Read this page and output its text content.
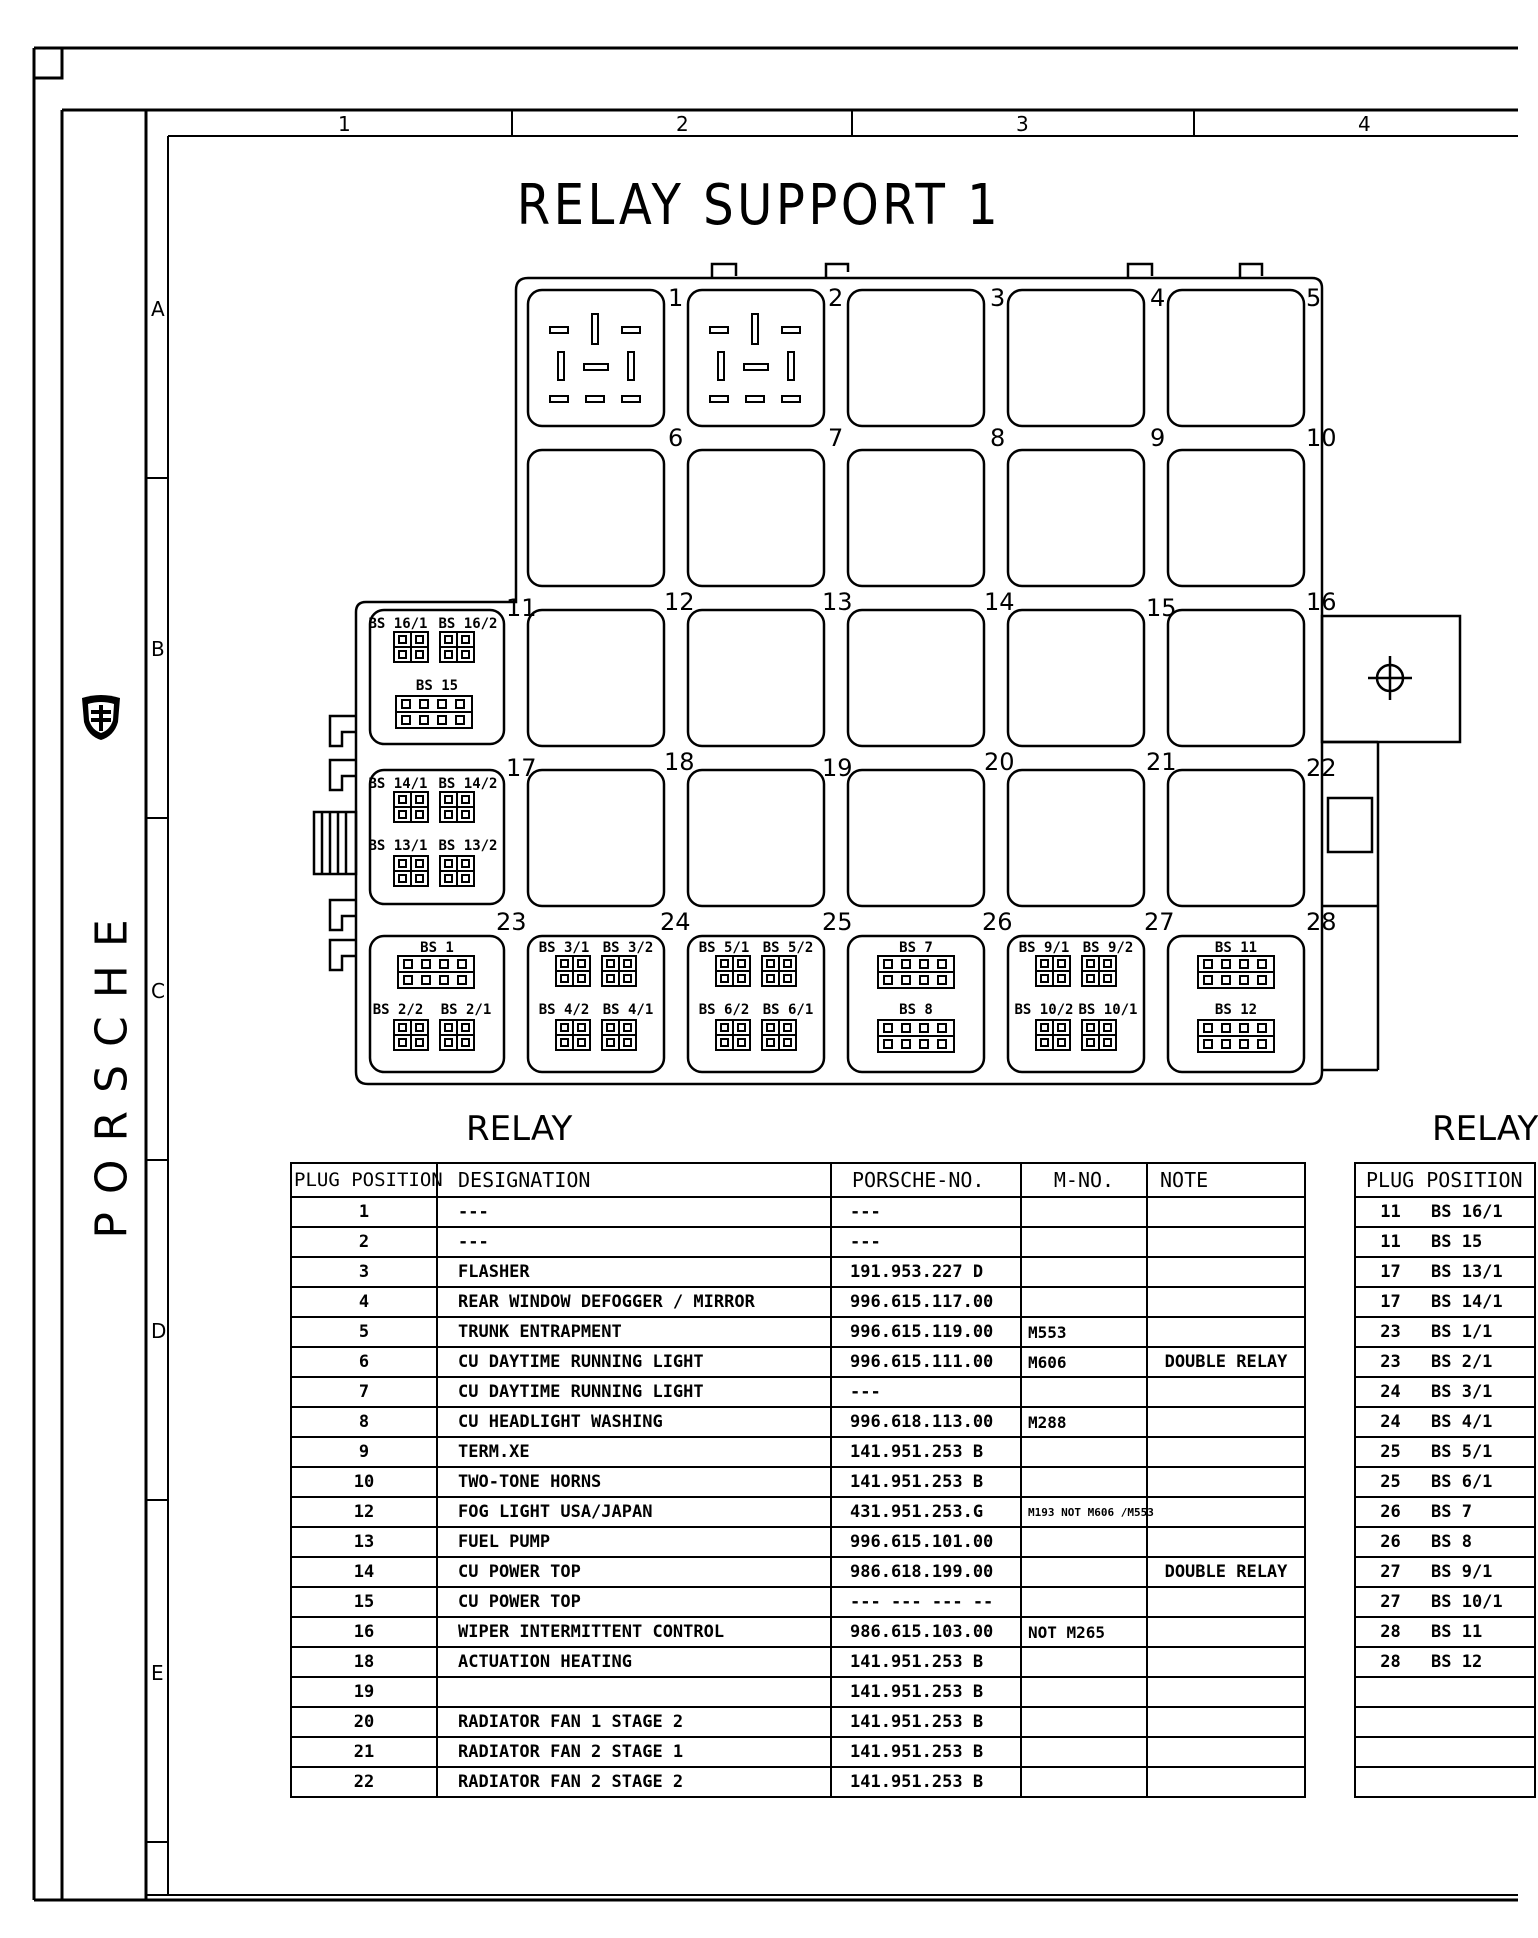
1	2	3	4
A
B
C
D
E
1	2	3	4	5
6	7	8	9	10
11	12	13	14	15	16
17	18	19	20	21	22
23	24	25	26	27	28
BS 16/1 BS 16/2
BS 15
BS 14/1 BS 14/2
BS 13/1 BS 13/2
BS 1
BS 2/2 BS 2/1
BS 3/1 BS 3/2
BS 4/2 BS 4/1
BS 5/1 BS 5/2
BS 6/2 BS 6/1
BS 9/1 BS 9/2
BS 10/2 BS 10/1
BS 7
BS 8
BS 11
BS 12
RELAY SUPPORT 1
PORSCHE	RELAY	RELAY
PLUG POSITION	DESIGNATION	PORSCHE-NO.	M-NO.	NOTE
1	---	---		
2	---	---		
3	FLASHER	191.953.227 D		
4	REAR WINDOW DEFOGGER / MIRROR	996.615.117.00		
5	TRUNK ENTRAPMENT	996.615.119.00	M553	
6	CU DAYTIME RUNNING LIGHT	996.615.111.00	M606	DOUBLE RELAY
7	CU DAYTIME RUNNING LIGHT	---		
8	CU HEADLIGHT WASHING	996.618.113.00	M288	
9	TERM.XE	141.951.253 B		
10	TWO-TONE HORNS	141.951.253 B		
12	FOG LIGHT USA/JAPAN	431.951.253.G	M193 NOT M606 /M553	
13	FUEL PUMP	996.615.101.00		
14	CU POWER TOP	986.618.199.00		DOUBLE RELAY
15	CU POWER TOP	--- --- --- --		
16	WIPER INTERMITTENT CONTROL	986.615.103.00	NOT M265	
18	ACTUATION HEATING	141.951.253 B		
19		141.951.253 B		
20	RADIATOR FAN 1 STAGE 2	141.951.253 B		
21	RADIATOR FAN 2 STAGE 1	141.951.253 B		
22	RADIATOR FAN 2 STAGE 2	141.951.253 B		
PLUG POSITION	
11	BS 16/1
11	BS 15
17	BS 13/1
17	BS 14/1
23	BS 1/1
23	BS 2/1
24	BS 3/1
24	BS 4/1
25	BS 5/1
25	BS 6/1
26	BS 7
26	BS 8
27	BS 9/1
27	BS 10/1
28	BS 11
28	BS 12
